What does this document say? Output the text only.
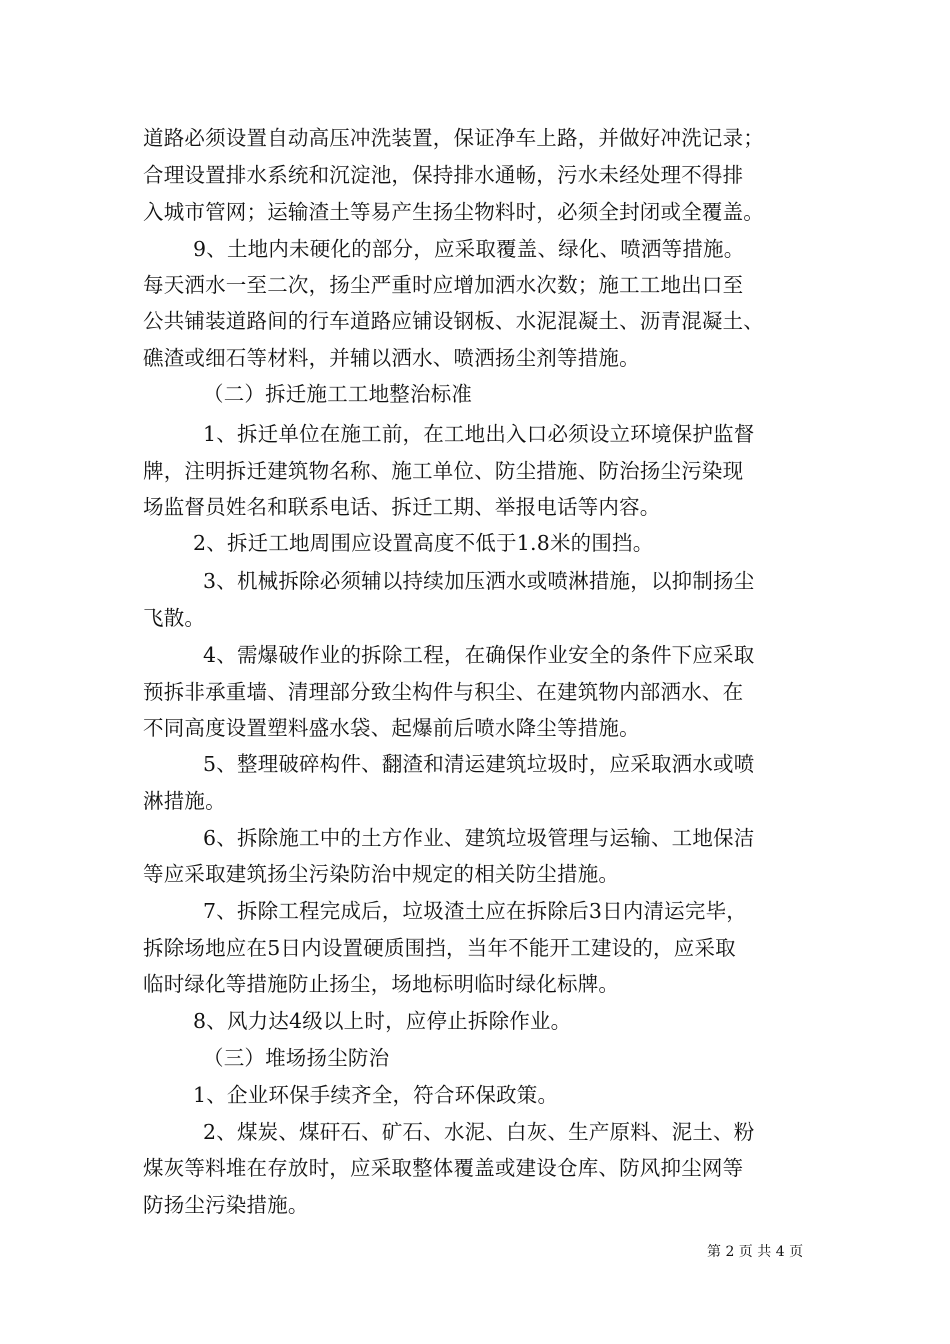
道路必须设置自动高压冲洗装置，保证净车上路，并做好冲洗记录；
合理设置排水系统和沉淀池，保持排水通畅，污水未经处理不得排
入城市管网；运输渣土等易产生扬尘物料时，必须全封闭或全覆盖。
9、土地内未硬化的部分，应采取覆盖、绿化、喷洒等措施。
每天洒水一至二次，扬尘严重时应增加洒水次数；施工工地出口至
公共铺装道路间的行车道路应铺设钢板、水泥混凝土、沥青混凝土、
礁渣或细石等材料，并辅以洒水、喷洒扬尘剂等措施。
（二）拆迁施工工地整治标准
1、拆迁单位在施工前，在工地出入口必须设立环境保护监督
牌，注明拆迁建筑物名称、施工单位、防尘措施、防治扬尘污染现
场监督员姓名和联系电话、拆迁工期、举报电话等内容。
2、拆迁工地周围应设置高度不低于1.8米的围挡。
3、机械拆除必须辅以持续加压洒水或喷淋措施，以抑制扬尘
飞散。
4、需爆破作业的拆除工程，在确保作业安全的条件下应采取
预拆非承重墙、清理部分致尘构件与积尘、在建筑物内部洒水、在
不同高度设置塑料盛水袋、起爆前后喷水降尘等措施。
5、整理破碎构件、翻渣和清运建筑垃圾时，应采取洒水或喷
淋措施。
6、拆除施工中的土方作业、建筑垃圾管理与运输、工地保洁
等应采取建筑扬尘污染防治中规定的相关防尘措施。
7、拆除工程完成后，垃圾渣土应在拆除后3日内清运完毕，
拆除场地应在5日内设置硬质围挡，当年不能开工建设的，应采取
临时绿化等措施防止扬尘，场地标明临时绿化标牌。
8、风力达4级以上时，应停止拆除作业。
（三）堆场扬尘防治
1、企业环保手续齐全，符合环保政策。
2、煤炭、煤矸石、矿石、水泥、白灰、生产原料、泥土、粉
煤灰等料堆在存放时，应采取整体覆盖或建设仓库、防风抑尘网等
防扬尘污染措施。
第 2 页 共 4 页
